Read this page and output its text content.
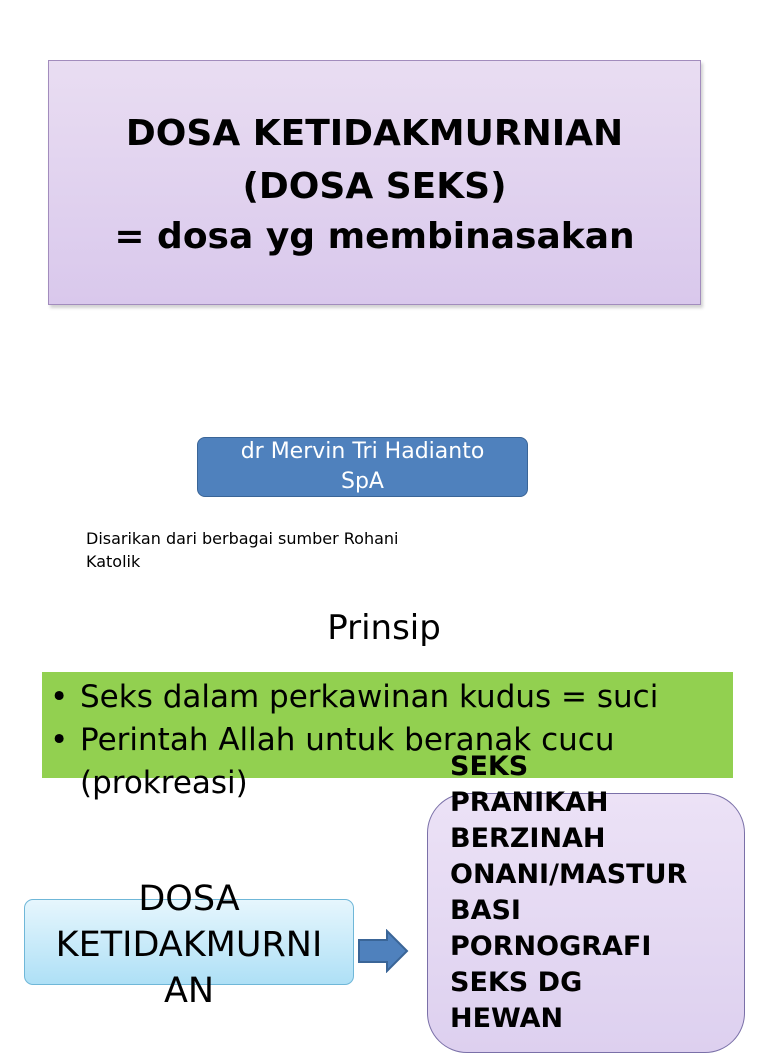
DOSA KETIDAKMURNIAN
(DOSA SEKS)
= dosa yg membinasakan
dr Mervin Tri Hadianto
SpA
Disarikan dari berbagai sumber Rohani
Katolik
Prinsip
• Seks dalam perkawinan kudus = suci
• Perintah Allah untuk beranak cucu
(prokreasi)
DOSA
KETIDAKMURNI
AN
SEKS
PRANIKAH
BERZINAH
ONANI/MASTUR
BASI
PORNOGRAFI
SEKS DG
HEWAN
